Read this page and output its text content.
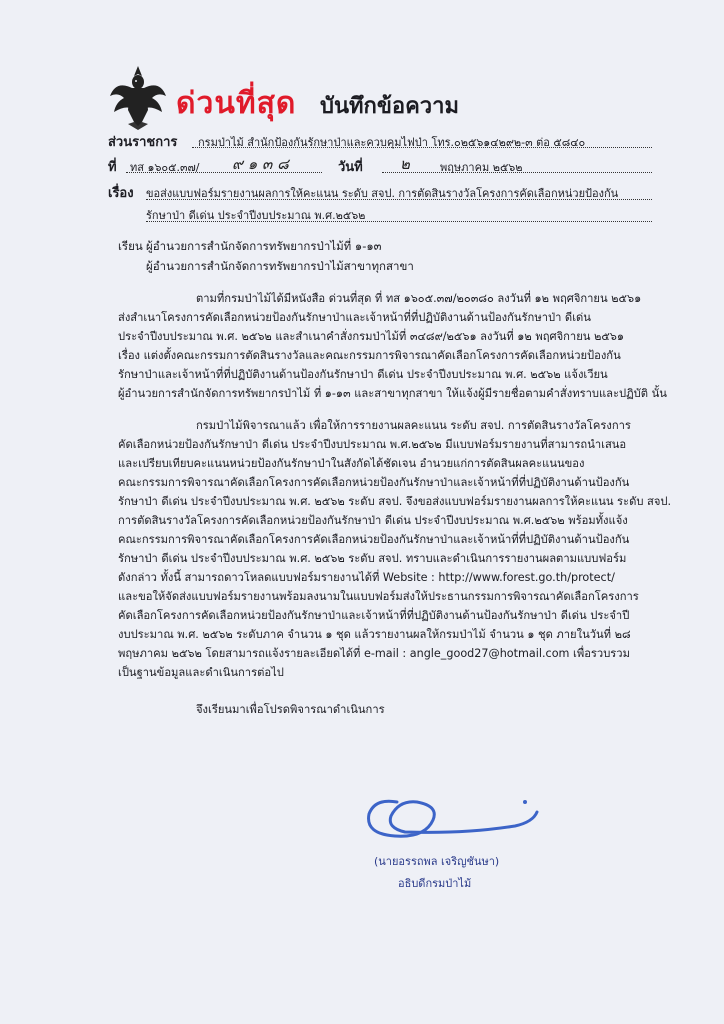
ด่วนที่สุด บันทึกข้อความ
ส่วนราชการ กรมป่าไม้ สำนักป้องกันรักษาป่าและควบคุมไฟป่า โทร.๐๒๕๖๑๔๒๙๒-๓ ต่อ ๕๘๔๐
ที่ ทส ๑๖๐๕.๓๗/ ๙ ๑ ๓ ๘	วันที่ ๒	พฤษภาคม ๒๕๖๒
เรื่อง ขอส่งแบบฟอร์มรายงานผลการให้คะแนน ระดับ สจป. การตัดสินรางวัลโครงการคัดเลือกหน่วยป้องกัน
รักษาป่า ดีเด่น ประจำปีงบประมาณ พ.ศ.๒๕๖๒
เรียน ผู้อำนวยการสำนักจัดการทรัพยากรป่าไม้ที่ ๑-๑๓
ผู้อำนวยการสำนักจัดการทรัพยากรป่าไม้สาขาทุกสาขา
ตามที่กรมป่าไม้ได้มีหนังสือ ด่วนที่สุด ที่ ทส ๑๖๐๕.๓๗/๒๐๓๘๐ ลงวันที่ ๑๒ พฤศจิกายน ๒๕๖๑
ส่งสำเนาโครงการคัดเลือกหน่วยป้องกันรักษาป่าและเจ้าหน้าที่ที่ปฏิบัติงานด้านป้องกันรักษาป่า ดีเด่น
ประจำปีงบประมาณ พ.ศ. ๒๕๖๒ และสำเนาคำสั่งกรมป่าไม้ที่ ๓๔๘๙/๒๕๖๑ ลงวันที่ ๑๒ พฤศจิกายน ๒๕๖๑
เรื่อง แต่งตั้งคณะกรรมการตัดสินรางวัลและคณะกรรมการพิจารณาคัดเลือกโครงการคัดเลือกหน่วยป้องกัน
รักษาป่าและเจ้าหน้าที่ที่ปฏิบัติงานด้านป้องกันรักษาป่า ดีเด่น ประจำปีงบประมาณ พ.ศ. ๒๕๖๒ แจ้งเวียน
ผู้อำนวยการสำนักจัดการทรัพยากรป่าไม้ ที่ ๑-๑๓ และสาขาทุกสาขา ให้แจ้งผู้มีรายชื่อตามคำสั่งทราบและปฏิบัติ นั้น
กรมป่าไม้พิจารณาแล้ว เพื่อให้การรายงานผลคะแนน ระดับ สจป. การตัดสินรางวัลโครงการ
คัดเลือกหน่วยป้องกันรักษาป่า ดีเด่น ประจำปีงบประมาณ พ.ศ.๒๕๖๒ มีแบบฟอร์มรายงานที่สามารถนำเสนอ
และเปรียบเทียบคะแนนหน่วยป้องกันรักษาป่าในสังกัดได้ชัดเจน อำนวยแก่การตัดสินผลคะแนนของ
คณะกรรมการพิจารณาคัดเลือกโครงการคัดเลือกหน่วยป้องกันรักษาป่าและเจ้าหน้าที่ที่ปฏิบัติงานด้านป้องกัน
รักษาป่า ดีเด่น ประจำปีงบประมาณ พ.ศ. ๒๕๖๒ ระดับ สจป. จึงขอส่งแบบฟอร์มรายงานผลการให้คะแนน ระดับ สจป.
การตัดสินรางวัลโครงการคัดเลือกหน่วยป้องกันรักษาป่า ดีเด่น ประจำปีงบประมาณ พ.ศ.๒๕๖๒ พร้อมทั้งแจ้ง
คณะกรรมการพิจารณาคัดเลือกโครงการคัดเลือกหน่วยป้องกันรักษาป่าและเจ้าหน้าที่ที่ปฏิบัติงานด้านป้องกัน
รักษาป่า ดีเด่น ประจำปีงบประมาณ พ.ศ. ๒๕๖๒ ระดับ สจป. ทราบและดำเนินการรายงานผลตามแบบฟอร์ม
ดังกล่าว ทั้งนี้ สามารถดาวโหลดแบบฟอร์มรายงานได้ที่ Website : http://www.forest.go.th/protect/
และขอให้จัดส่งแบบฟอร์มรายงานพร้อมลงนามในแบบฟอร์มส่งให้ประธานกรรมการพิจารณาคัดเลือกโครงการ
คัดเลือกโครงการคัดเลือกหน่วยป้องกันรักษาป่าและเจ้าหน้าที่ที่ปฏิบัติงานด้านป้องกันรักษาป่า ดีเด่น ประจำปี
งบประมาณ พ.ศ. ๒๕๖๒ ระดับภาค จำนวน ๑ ชุด แล้วรายงานผลให้กรมป่าไม้ จำนวน ๑ ชุด ภายในวันที่ ๒๘
พฤษภาคม ๒๕๖๒ โดยสามารถแจ้งรายละเอียดได้ที่ e-mail : angle_good27@hotmail.com เพื่อรวบรวม
เป็นฐานข้อมูลและดำเนินการต่อไป
จึงเรียนมาเพื่อโปรดพิจารณาดำเนินการ
(นายอรรถพล เจริญชันษา)
อธิบดีกรมป่าไม้
